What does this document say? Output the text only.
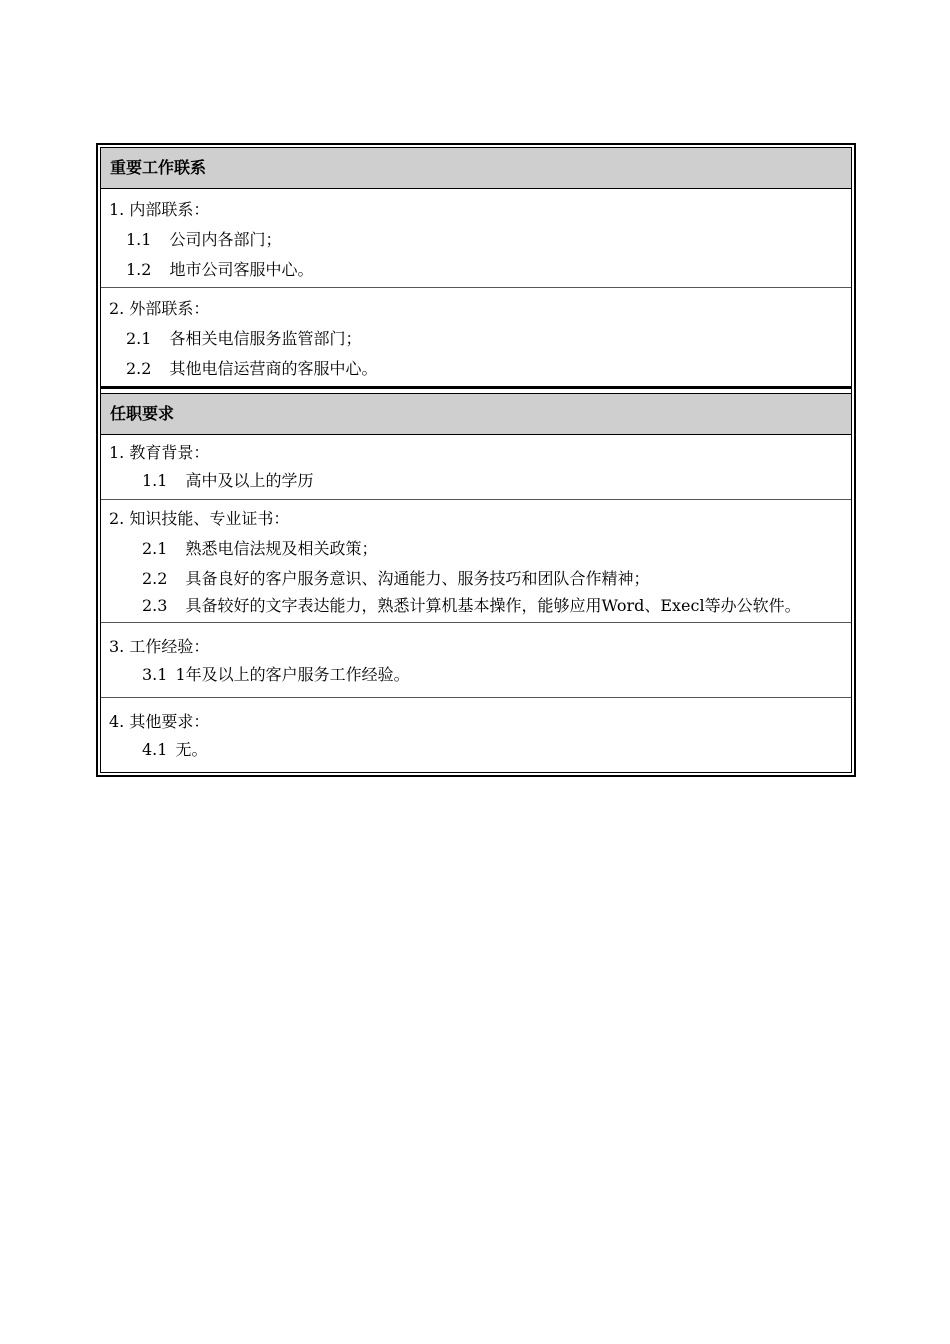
重要工作联系
1. 内部联系：
1.1 公司内各部门；
1.2 地市公司客服中心。
2. 外部联系：
2.1 各相关电信服务监管部门；
2.2 其他电信运营商的客服中心。
任职要求
1. 教育背景：
1.1 高中及以上的学历
2. 知识技能、专业证书：
2.1 熟悉电信法规及相关政策；
2.2 具备良好的客户服务意识、沟通能力、服务技巧和团队合作精神；
2.3 具备较好的文字表达能力，熟悉计算机基本操作，能够应用Word、Execl等办公软件。
3. 工作经验：
3.1 1年及以上的客户服务工作经验。
4. 其他要求：
4.1 无。
